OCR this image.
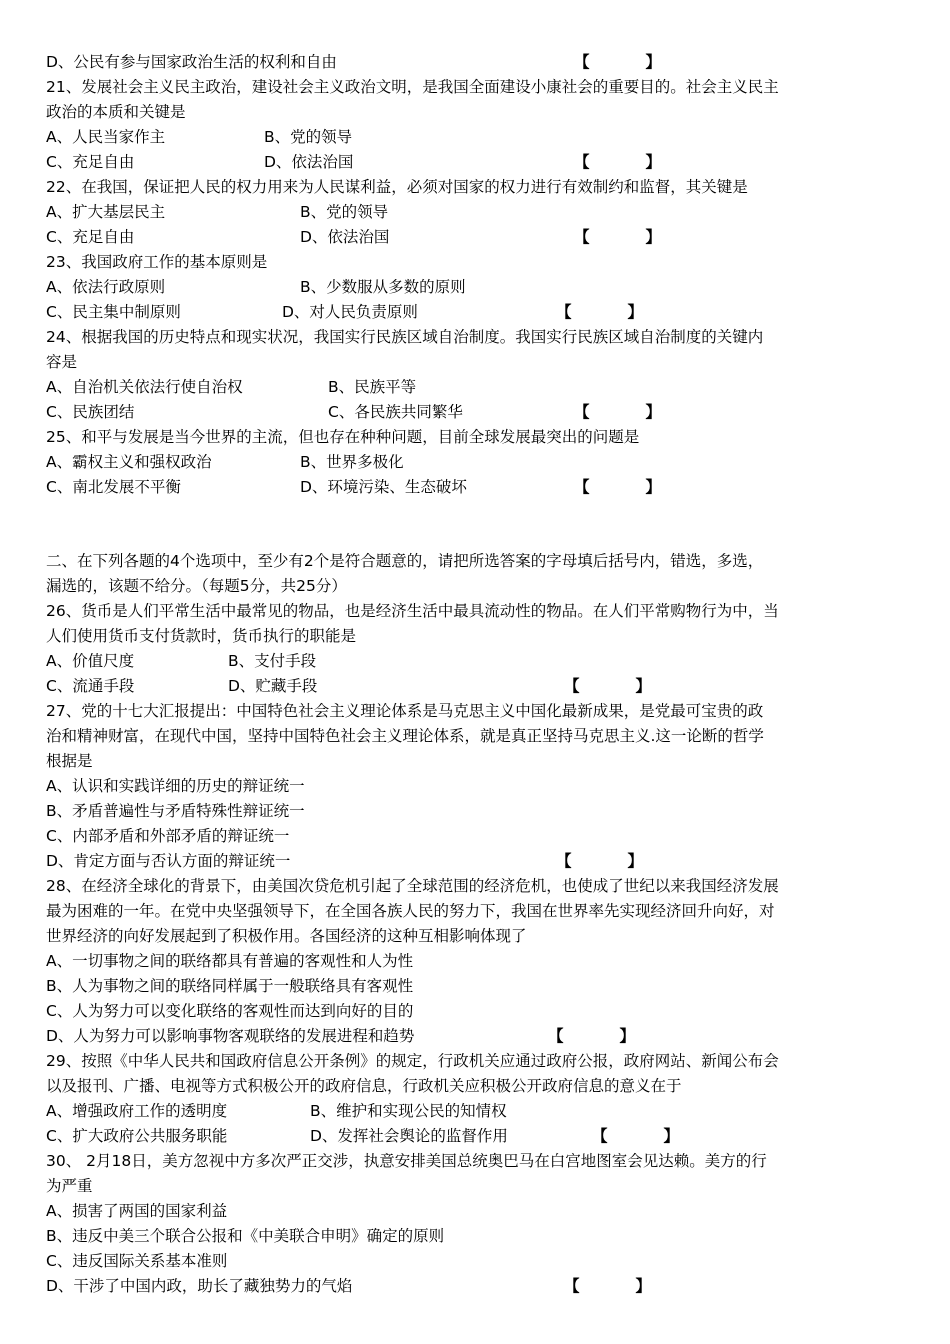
D、公民有参与国家政治生活的权利和自由	【	】
21、发展社会主义民主政治，建设社会主义政治文明，是我国全面建设小康社会的重要目的。社会主义民主
政治的本质和关键是
A、人民当家作主	B、党的领导
C、充足自由	D、依法治国	【	】
22、在我国，保证把人民的权力用来为人民谋利益，必须对国家的权力进行有效制约和监督，其关键是
A、扩大基层民主	B、党的领导
C、充足自由	D、依法治国	【	】
23、我国政府工作的基本原则是
A、依法行政原则	B、少数服从多数的原则
C、民主集中制原则	D、对人民负责原则	【	】
24、根据我国的历史特点和现实状况，我国实行民族区域自治制度。我国实行民族区域自治制度的关键内
容是
A、自治机关依法行使自治权	B、民族平等
C、民族团结	C、各民族共同繁华	【	】
25、和平与发展是当今世界的主流，但也存在种种问题，目前全球发展最突出的问题是
A、霸权主义和强权政治	B、世界多极化
C、南北发展不平衡	D、环境污染、生态破坏	【	】
二、在下列各题的4个选项中，至少有2个是符合题意的，请把所选答案的字母填后括号内，错选，多选，
漏选的，该题不给分。（每题5分，共25分）
26、货币是人们平常生活中最常见的物品，也是经济生活中最具流动性的物品。在人们平常购物行为中，当
人们使用货币支付货款时，货币执行的职能是
A、价值尺度	B、支付手段
C、流通手段	D、贮藏手段	【	】
27、党的十七大汇报提出：中国特色社会主义理论体系是马克思主义中国化最新成果，是党最可宝贵的政
治和精神财富，在现代中国，坚持中国特色社会主义理论体系，就是真正坚持马克思主义.这一论断的哲学
根据是
A、认识和实践详细的历史的辩证统一
B、矛盾普遍性与矛盾特殊性辩证统一
C、内部矛盾和外部矛盾的辩证统一
D、肯定方面与否认方面的辩证统一	【	】
28、在经济全球化的背景下，由美国次贷危机引起了全球范围的经济危机，也使成了世纪以来我国经济发展
最为困难的一年。在党中央坚强领导下，在全国各族人民的努力下，我国在世界率先实现经济回升向好，对
世界经济的向好发展起到了积极作用。各国经济的这种互相影响体现了
A、一切事物之间的联络都具有普遍的客观性和人为性
B、人为事物之间的联络同样属于一般联络具有客观性
C、人为努力可以变化联络的客观性而达到向好的目的
D、人为努力可以影响事物客观联络的发展进程和趋势	【	】
29、按照《中华人民共和国政府信息公开条例》的规定，行政机关应通过政府公报，政府网站、新闻公布会
以及报刊、广播、电视等方式积极公开的政府信息，行政机关应积极公开政府信息的意义在于
A、增强政府工作的透明度	B、维护和实现公民的知情权
C、扩大政府公共服务职能	D、发挥社会舆论的监督作用	【	】
30、 2月18日，美方忽视中方多次严正交涉，执意安排美国总统奥巴马在白宫地图室会见达赖。美方的行
为严重
A、损害了两国的国家利益
B、违反中美三个联合公报和《中美联合申明》确定的原则
C、违反国际关系基本准则
D、干涉了中国内政，助长了藏独势力的气焰	【	】
